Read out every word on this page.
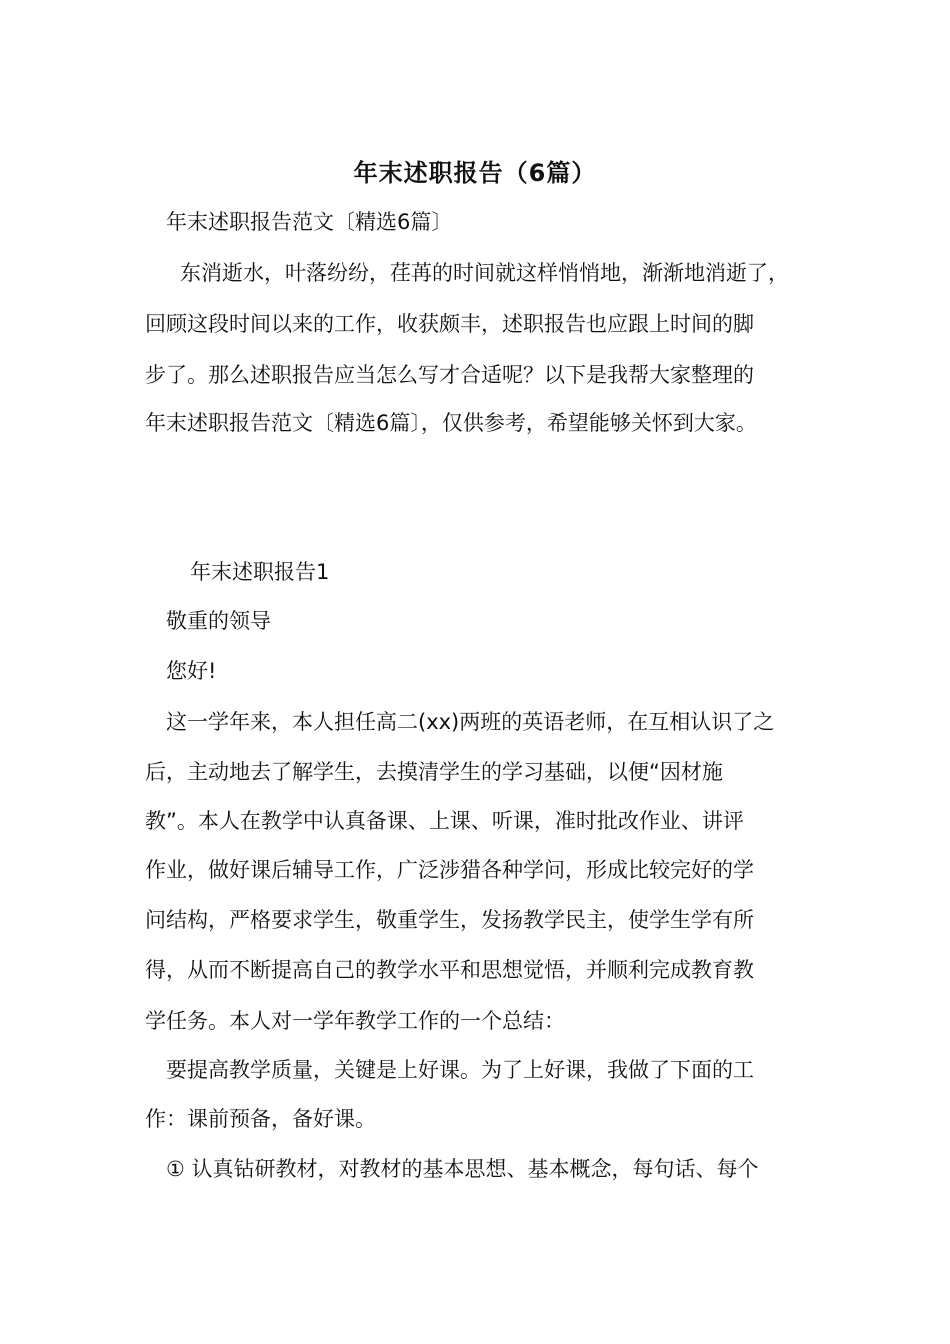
年末述职报告（6篇）

年末述职报告范文〔精选6篇〕

东消逝水，叶落纷纷，荏苒的时间就这样悄悄地，渐渐地消逝了，

回顾这段时间以来的工作，收获颇丰，述职报告也应跟上时间的脚

步了。那么述职报告应当怎么写才合适呢？以下是我帮大家整理的

年末述职报告范文〔精选6篇〕，仅供参考，希望能够关怀到大家。

年末述职报告1

敬重的领导

您好!

这一学年来，本人担任高二(xx)两班的英语老师，在互相认识了之

后，主动地去了解学生，去摸清学生的学习基础，以便“因材施

教”。本人在教学中认真备课、上课、听课，准时批改作业、讲评

作业，做好课后辅导工作，广泛涉猎各种学问，形成比较完好的学

问结构，严格要求学生，敬重学生，发扬教学民主，使学生学有所

得，从而不断提高自己的教学水平和思想觉悟，并顺利完成教育教

学任务。本人对一学年教学工作的一个总结：

要提高教学质量，关键是上好课。为了上好课，我做了下面的工

作：课前预备，备好课。

① 认真钻研教材，对教材的基本思想、基本概念，每句话、每个
